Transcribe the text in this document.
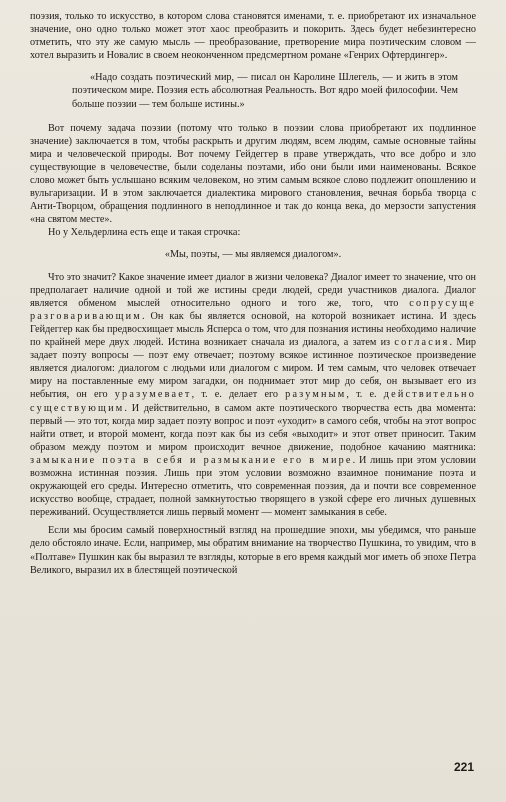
поэзия, только то искусство, в котором слова становятся именами, т. е. приобретают их изначальное значение, оно одно только может этот хаос преобразить и покорить. Здесь будет небезинтересно отметить, что эту же самую мысль — преобразование, претворение мира поэтическим словом — хотел выразить и Новалис в своем неоконченном предсмертном романе «Генрих Офтердингер».

«Надо создать поэтический мир, — писал он Каролине Шлегель, — и жить в этом поэтическом мире. Поэзия есть абсолютная Реальность. Вот ядро моей философии. Чем больше поэзии — тем больше истины.»

Вот почему задача поэзии (потому что только в поэзии слова приобретают их подлинное значение) заключается в том, чтобы раскрыть и другим людям, всем людям, самые основные тайны мира и человеческой природы. Вот почему Гейдеггер в праве утверждать, что все добро и зло существующие в человечестве, были соделаны поэтами, ибо они были ими наименованы. Всякое слово может быть услышано всяким человеком, но этим самым всякое слово подлежит опошлению и вульгаризации. И в этом заключается диалектика мирового становления, вечная борьба творца с Анти-Творцом, обращения подлинного в неподлинное и так до конца века, до мерзости запустения «на святом месте».

Но у Хельдерлина есть еще и такая строчка:

«Мы, поэты, — мы являемся диалогом».

Что это значит? Какое значение имеет диалог в жизни человека? Диалог имеет то значение, что он предполагает наличие одной и той же истины среди людей, среди участников диалога. Диалог является обменом мыслей относительно одного и того же, того, что сопрусуще разговаривающим. Он как бы является основой, на которой возникает истина. И здесь Гейдеггер как бы предвосхищает мысль Ясперса о том, что для познания истины необходимо наличие по крайней мере двух людей. Истина возникает сначала из диалога, а затем из согласия. Мир задает поэту вопросы — поэт ему отвечает; поэтому всякое истинное поэтическое произведение является диалогом: диалогом с людьми или диалогом с миром. И тем самым, что человек отвечает миру на поставленные ему миром загадки, он поднимает этот мир до себя, он вызывает его из небытия, он его уразумевает, т. е. делает его разумным, т. е. действительно существующим. И действительно, в самом акте поэтического творчества есть два момента: первый — это тот, когда мир задает поэту вопрос и поэт «уходит» в самого себя, чтобы на этот вопрос найти ответ, и второй момент, когда поэт как бы из себя «выходит» и этот ответ приносит. Таким образом между поэтом и миром происходит вечное движение, подобное качанию маятника: замыкание поэта в себя и размыкание его в мире. И лишь при этом условии возможна истинная поэзия. Лишь при этом условии возможно взаимное понимание поэта и окружающей его среды. Интересно отметить, что современная поэзия, да и почти все современное искусство вообще, страдает, полной замкнутостью творящего в узкой сфере его личных душевных переживаний. Осуществляется лишь первый момент — момент замыкания в себе.

Если мы бросим самый поверхностный взгляд на прошедшие эпохи, мы убедимся, что раньше дело обстояло иначе. Если, например, мы обратим внимание на творчество Пушкина, то увидим, что в «Полтаве» Пушкин как бы выразил те взгляды, которые в его время каждый мог иметь об эпохе Петра Великого, выразил их в блестящей поэтической

221
